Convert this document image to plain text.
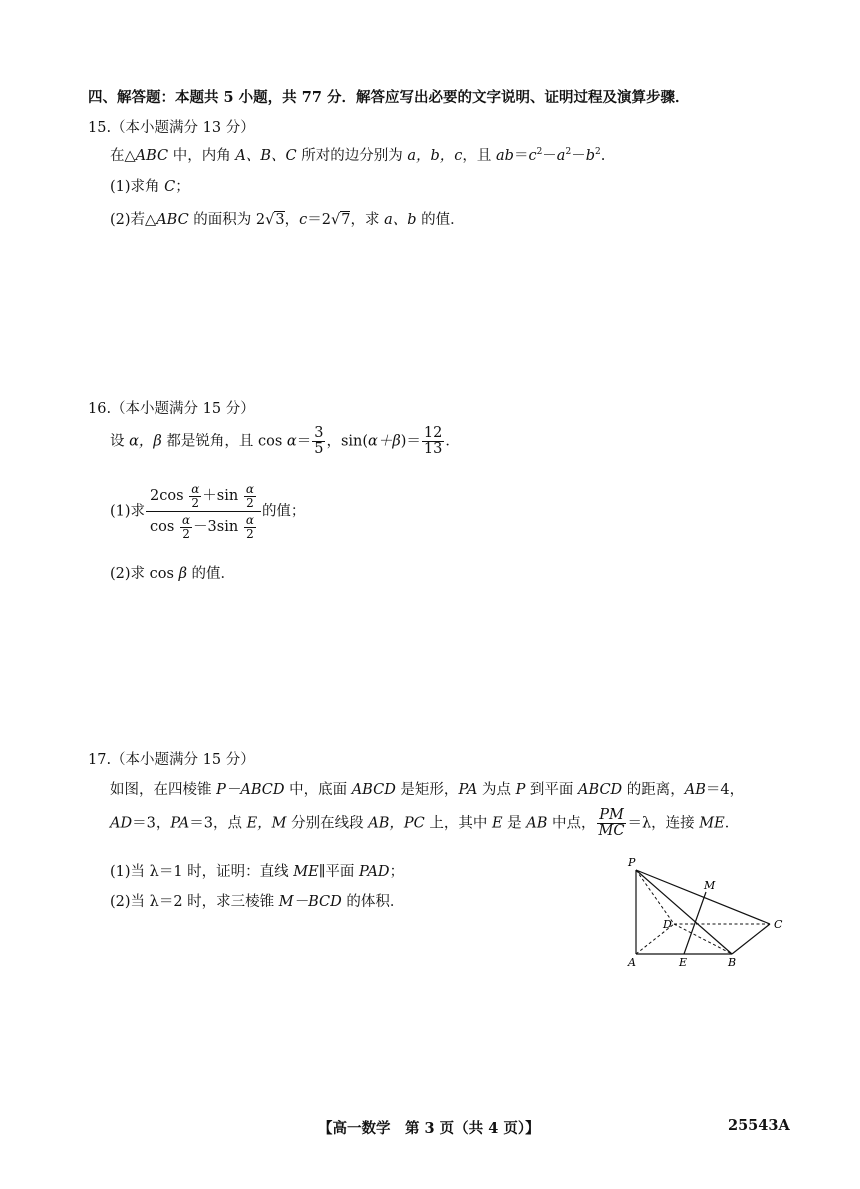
四、解答题：本题共 5 小题，共 77 分．解答应写出必要的文字说明、证明过程及演算步骤．
15.（本小题满分 13 分）
在△ABC 中，内角 A、B、C 所对的边分别为 a，b，c，且 $ab=c^2-a^2-b^2$.
(1)求角 C；
(2)若△ABC 的面积为 2√3，c＝2√7，求 a、b 的值．
16.（本小题满分 15 分）
设 α，β 都是锐角，且 $\cos \alpha= \frac{3}{5}$ ，$\sin(\alpha+\beta)= \frac{12}{13}$ ．
(1)求 $\frac{2\cos \frac{\alpha}{2} +\sin \frac{\alpha}{2}}{\cos \frac{\alpha}{2} -3\sin \frac{\alpha}{2}}$ 的值；
(2)求 cos β 的值．
17.（本小题满分 15 分）
如图，在四棱锥 P－ABCD 中，底面 ABCD 是矩形，PA 为点 P 到平面 ABCD 的距离，AB＝4，
AD＝3，PA＝3，点 E，M 分别在线段 AB，PC 上，其中 E 是 AB 中点， $\frac{PM}{MC} =\lambda$，连接 ME．
(1)当 λ＝1 时，证明：直线 ME∥平面 PAD；
(2)当 λ＝2 时，求三棱锥 M－BCD 的体积．
P
M
D	C
A	E	B
【高一数学　第 3 页（共 4 页）】	25543A
